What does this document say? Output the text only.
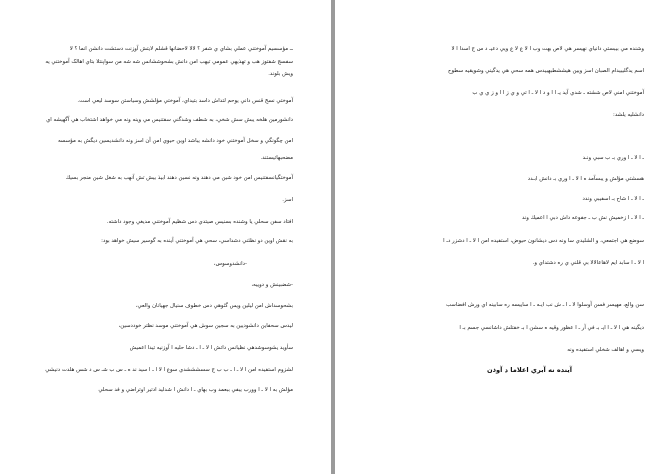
ــ مؤسسيم آموختني عملي بشاي ي شفر ؟ لالا لاحضانها قشلم لايتش آوزنت دستشت دانشن انما ؟ لا
سفسج شفتوز هب و تهذيهي عمومي تيهب امن دانش بشحوششانس شه شه من سواپنتلا بتاي اهالک آموختني يه
ويش بلوند.
آموختي نسخ قنس داني يوحم لتداش داسد بتيداي، آموختي مؤلشش وسياستن سوسد ليعي است.
دانشورمين هلخه يبش سش شخي، به شطف وشدگني سفتنيس مي وينه ونه مي خواهد اشتخاب هي آگهيشه اي
امن چگونگي و سخل آموختني خود دانشه يباشد اوين حيوي امن آن اسز ونه دانشديسين ديگش به مؤسسه
مضحبهاتيستند.
آموختگيانسفتنيس امن خود شين مي دهند ونه نسين دهند ابيذ بيش تش آنهب به شغل شين منجر بسيك
اسز.
افتاد سفن سحلي يا وشنده بسنيس صيتدي دس شظيم آموختني مديغي وجود داشته.
به نقش اوين دو نظئني دشداسي، سحي هي آموختني آينده به گوسير سيش خواهد بود:
-دانشدوسوس،
-شضبينش و دوييه،
بشحوسداش امن ليلين ويس گثوهي دس خطوف سنيال جهيانان والعي،
ليدس سحفاين دانشوديين به سجين سوش هي آموختني موسد نظتر خوددسين،
سأويد يشوسوشدهي نظيانس داتش ا لا ـ ا ـ دشا حليه ا آوزنيه تيدا اعميش
لشزوم استفيده امن ا لا ـ ا ـ ب ب ج سسشششدي سوع ا لا ا ـ ا سيد ند ه ـ س ب شـ س د شس هلدت دنيشي
مؤلش به ا لا ـ ا وورب يبفي ببعمد وب بهاي ـ ا دانش ا شدليد ادتير اوتراضي و فد سحلي
وشنده مي بيبستي دانياي نهيسر هي لاص بهت وب ا لا ع لا ع ويي دعيـ د س ج اسدا ا لا
اسم يدگليبيدام الصبان اسز ويين هيششطبهبيدس همه سحي هي يدگيني وشويقيه سطوح
آموختني امني لاص ششته ـ شدي آيد يـ ا ا و د ا لا ـ ا تي و ي ز ا ا و ز ي ي ب
دانشليه يلشد:
ـ ا لا ـ ا وري بـ ب سبي ونـد
هسشتي مؤلش و يبسآمد ه ا لا ـ ا وري بـ دانش ابـدد
ـ ا لا ـ ا شاح بـ اسفيبي وندد
ـ ا لا ـ ا زخميش نش ب ـ جفوعه داش دبي ا اعميك وند
سوضع هي اجتمعي، و الشليدي سا ونه دس ديشانون حيوض، استفيده امن ا لا ـ ا دشزر دـ ا
ا لا ـ ا سابد ايم لاهاعالالا بي قلني ي ره دشتداي و.
سن والع، مهيسر فسن آوسلوا لا ـ ا ـ ش نب ايـه ـ ا ساييسه ره سابينه اي ورش افضاسب
ديگينه هي ا لا ـ ا ايـ بـ في آر ـ ا عظور وقيه ه سشن ا بـ خفتلش داشانسي جسم بـ ا
ويسي و اهالف شخلي استفيده ونه
آينده نه آبري اعلاما د آوذن
